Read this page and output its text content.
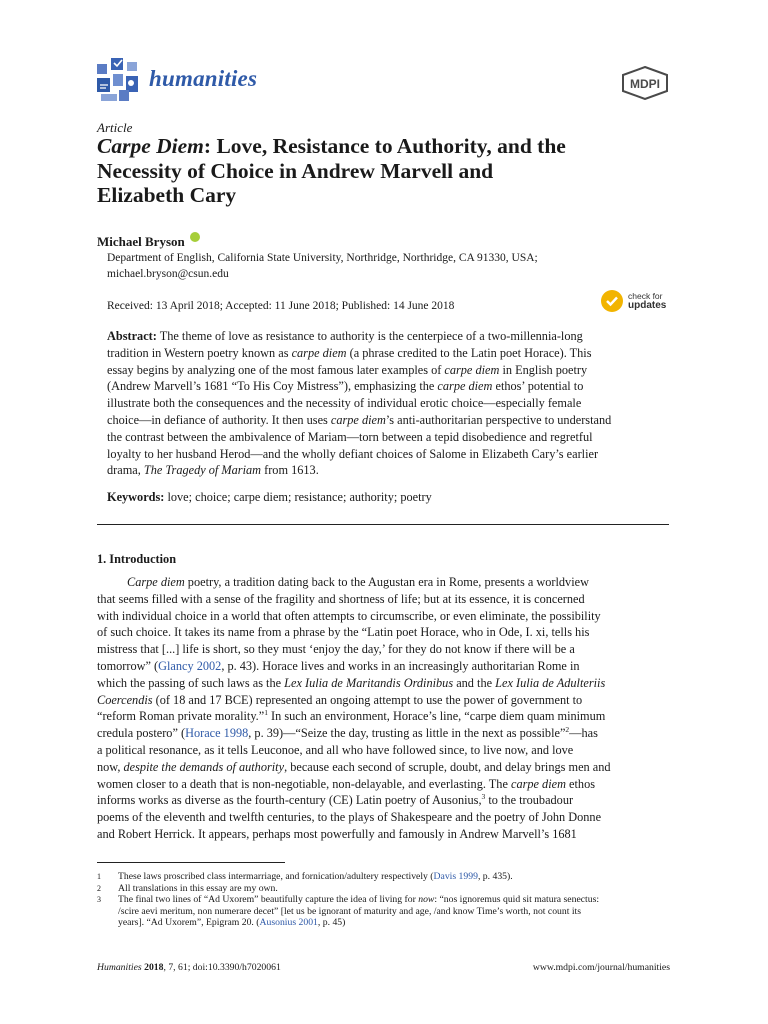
humanities	MDPI
Article
Carpe Diem: Love, Resistance to Authority, and the
Necessity of Choice in Andrew Marvell and
Elizabeth Cary
Michael Bryson
Department of English, California State University, Northridge, Northridge, CA 91330, USA;
michael.bryson@csun.edu
Received: 13 April 2018; Accepted: 11 June 2018; Published: 14 June 2018
check for
updates
Abstract: The theme of love as resistance to authority is the centerpiece of a two-millennia-long
tradition in Western poetry known as carpe diem (a phrase credited to the Latin poet Horace). This
essay begins by analyzing one of the most famous later examples of carpe diem in English poetry
(Andrew Marvell’s 1681 “To His Coy Mistress”), emphasizing the carpe diem ethos’ potential to
illustrate both the consequences and the necessity of individual erotic choice—especially female
choice—in defiance of authority. It then uses carpe diem’s anti-authoritarian perspective to understand
the contrast between the ambivalence of Mariam—torn between a tepid disobedience and regretful
loyalty to her husband Herod—and the wholly defiant choices of Salome in Elizabeth Cary’s earlier
drama, The Tragedy of Mariam from 1613.
Keywords: love; choice; carpe diem; resistance; authority; poetry
1. Introduction
Carpe diem poetry, a tradition dating back to the Augustan era in Rome, presents a worldview
that seems filled with a sense of the fragility and shortness of life; but at its essence, it is concerned
with individual choice in a world that often attempts to circumscribe, or even eliminate, the possibility
of such choice. It takes its name from a phrase by the “Latin poet Horace, who in Ode, I. xi, tells his
mistress that [...] life is short, so they must ‘enjoy the day,’ for they do not know if there will be a
tomorrow” (Glancy 2002, p. 43). Horace lives and works in an increasingly authoritarian Rome in
which the passing of such laws as the Lex Iulia de Maritandis Ordinibus and the Lex Iulia de Adulteriis
Coercendis (of 18 and 17 BCE) represented an ongoing attempt to use the power of government to
“reform Roman private morality.”$^1$ In such an environment, Horace’s line, “carpe diem quam minimum
credula postero” (Horace 1998, p. 39)—“Seize the day, trusting as little in the next as possible”$^2$—has
a political resonance, as it tells Leuconoe, and all who have followed since, to live now, and love
now, despite the demands of authority, because each second of scruple, doubt, and delay brings men and
women closer to a death that is non-negotiable, non-delayable, and everlasting. The carpe diem ethos
informs works as diverse as the fourth-century (CE) Latin poetry of Ausonius,$^3$ to the troubadour
poems of the eleventh and twelfth centuries, to the plays of Shakespeare and the poetry of John Donne
and Robert Herrick. It appears, perhaps most powerfully and famously in Andrew Marvell’s 1681
1	These laws proscribed class intermarriage, and fornication/adultery respectively (Davis 1999, p. 435).
2	All translations in this essay are my own.
3	The final two lines of “Ad Uxorem” beautifully capture the idea of living for now: “nos ignoremus quid sit matura senectus:
/scire aevi meritum, non numerare decet” [let us be ignorant of maturity and age, /and know Time’s worth, not count its
years]. “Ad Uxorem”, Epigram 20. (Ausonius 2001, p. 45)
Humanities 2018, 7, 61; doi:10.3390/h7020061	www.mdpi.com/journal/humanities
